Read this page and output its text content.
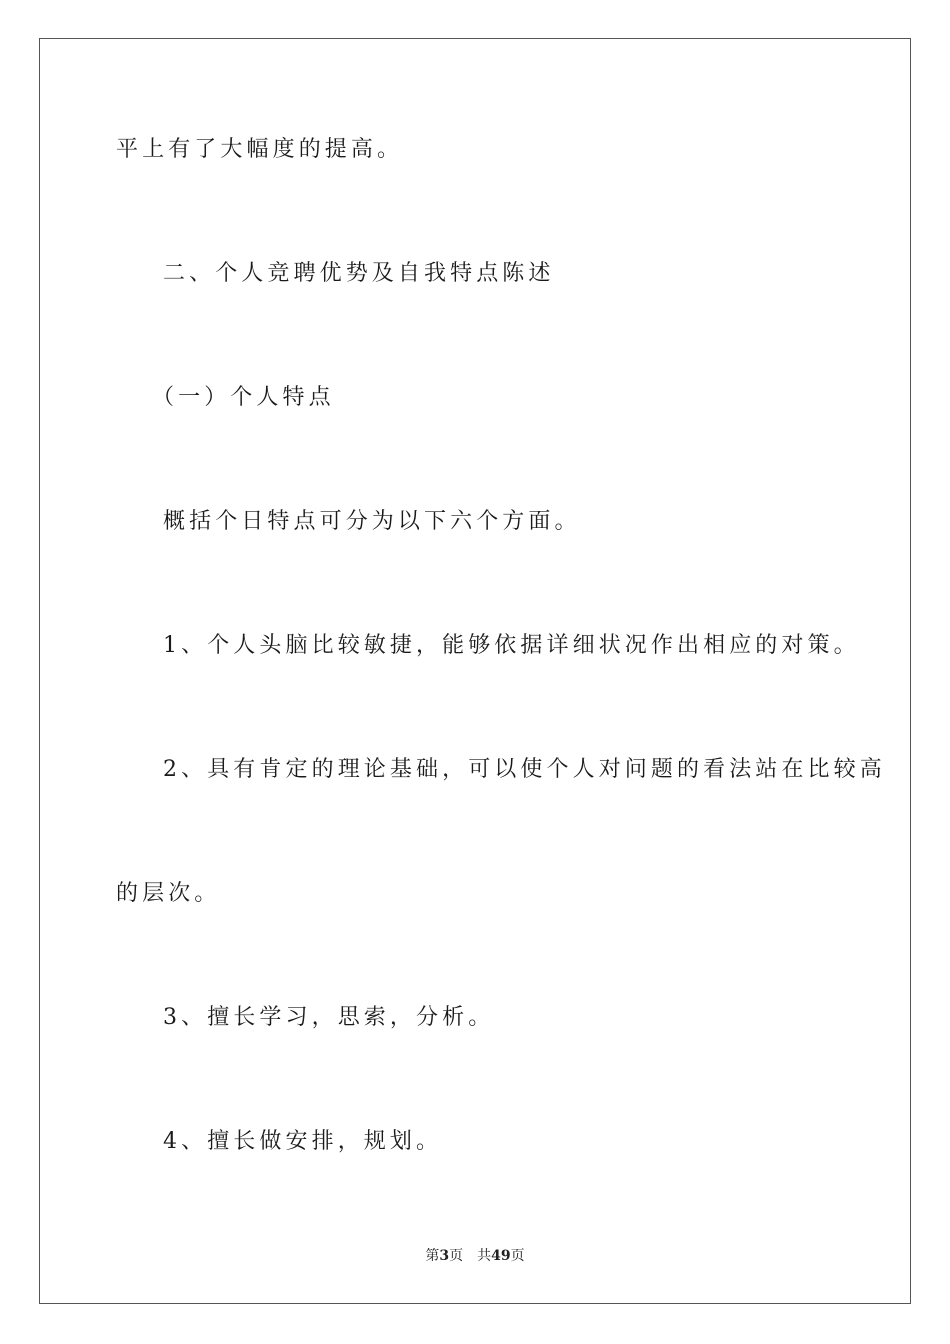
平上有了大幅度的提高。
二、个人竞聘优势及自我特点陈述
（一）个人特点
概括个日特点可分为以下六个方面。
1、个人头脑比较敏捷，能够依据详细状况作出相应的对策。
2、具有肯定的理论基础，可以使个人对问题的看法站在比较高
的层次。
3、擅长学习，思索，分析。
4、擅长做安排，规划。
第3页 共49页
